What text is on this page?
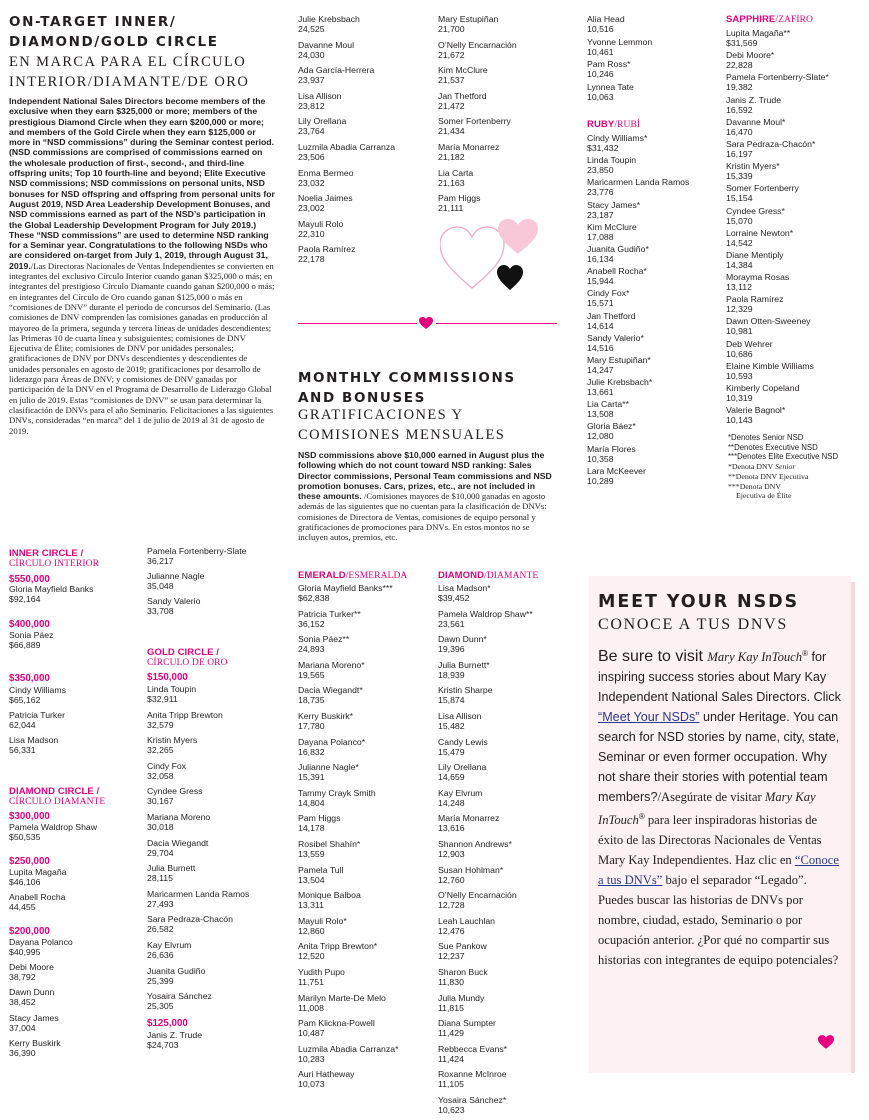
ON-TARGET INNER/
DIAMOND/GOLD CIRCLE
EN MARCA PARA EL CÍRCULO
INTERIOR/DIAMANTE/DE ORO
Independent National Sales Directors become members of the exclusive when they earn $325,000 or more; members of the prestigious Diamond Circle when they earn $200,000 or more; and members of the Gold Circle when they earn $125,000 or more in “NSD commissions” during the Seminar contest period. (NSD commissions are comprised of commissions earned on the wholesale production of first-, second-, and third-line offspring units; Top 10 fourth-line and beyond; Elite Executive NSD commissions; NSD commissions on personal units, NSD bonuses for NSD offspring and offspring from personal units for August 2019, NSD Area Leadership Development Bonuses, and NSD commissions earned as part of the NSD’s participation in the Global Leadership Development Program for July 2019.) These “NSD commissions” are used to determine NSD ranking for a Seminar year. Congratulations to the following NSDs who are considered on-target from July 1, 2019, through August 31, 2019./Las Directoras Nacionales de Ventas Independientes se convierten en integrantes del exclusivo Círculo Interior cuando ganan $325,000 o más; en integrantes del prestigioso Círculo Diamante cuando ganan $200,000 o más; en integrantes del Círculo de Oro cuando ganan $125,000 o más en “comisiones de DNV” durante el periodo de concursos del Seminario. (Las comisiones de DNV comprenden las comisiones ganadas en producción al mayoreo de la primera, segunda y tercera líneas de unidades descendientes; las Primeras 10 de cuarta línea y subsiguientes; comisiones de DNV Ejecutiva de Élite; comisiones de DNV por unidades personales; gratificaciones de DNV por DNVs descendientes y descendientes de unidades personales en agosto de 2019; gratificaciones por desarrollo de liderazgo para Áreas de DNV; y comisiones de DNV ganadas por participación de la DNV en el Programa de Desarrollo de Liderazgo Global en julio de 2019. Estas “comisiones de DNV” se usan para determinar la clasificación de DNVs para el año Seminario. Felicitaciones a las siguientes DNVs, consideradas “en marca” del 1 de julio de 2019 al 31 de agosto de 2019.
INNER CIRCLE /
CÍRCULO INTERIOR
$550,000
Gloria Mayfield Banks
$92,164
$400,000
Sonia Páez
$66,889
$350,000
Cindy Williams
$65,162
Patricia Turker
62,044
Lisa Madson
56,331
DIAMOND CIRCLE /
CÍRCULO DIAMANTE
$300,000
Pamela Waldrop Shaw
$50,535
$250,000
Lupita Magaña
$46,106
Anabell Rocha
44,455
$200,000
Dayana Polanco
$40,995
Debi Moore
38,792
Dawn Dunn
38,452
Stacy James
37,004
Kerry Buskirk
36,390
Pamela Fortenberry-Slate
36,217
Julianne Nagle
35,048
Sandy Valerio
33,708
GOLD CIRCLE /
CÍRCULO DE ORO
$150,000
Linda Toupin
$32,911
Anita Tripp Brewton
32,579
Kristin Myers
32,265
Cindy Fox
32,058
Cyndee Gress
30,167
Mariana Moreno
30,018
Dacia Wiegandt
29,704
Julia Burnett
28,115
Maricarmen Landa Ramos
27,493
Sara Pedraza-Chacón
26,582
Kay Elvrum
26,636
Juanita Gudiño
25,399
Yosaira Sánchez
25,305
$125,000
Janis Z. Trude
$24,703
Julie Krebsbach
24,525
Davanne Moul
24,030
Ada García-Herrera
23,937
Lisa Allison
23,812
Lily Orellana
23,764
Luzmila Abadia Carranza
23,506
Enma Bermeo
23,032
Noelia Jaimes
23,002
Mayuli Rolo
22,310
Paola Ramírez
22,178
Mary Estupiñan
21,700
O’Nelly Encarnación
21,672
Kim McClure
21,537
Jan Thetford
21,472
Somer Fortenberry
21,434
María Monarrez
21,182
Lia Carta
21,163
Pam Higgs
21,111
MONTHLY COMMISSIONS
AND BONUSES
GRATIFICACIONES Y
COMISIONES MENSUALES
NSD commissions above $10,000 earned in August plus the following which do not count toward NSD ranking: Sales Director commissions, Personal Team commissions and NSD promotion bonuses. Cars, prizes, etc., are not included in these amounts. /Comisiones mayores de $10,000 ganadas en agosto además de las siguientes que no cuentan para la clasificación de DNVs: comisiones de Directora de Ventas, comisiones de equipo personal y gratificaciones de promociones para DNVs. En estos montos no se incluyen autos, premios, etc.
EMERALD/ESMERALDA
Gloria Mayfield Banks***
$62,838
Patricia Turker**
36,152
Sonia Páez**
24,893
Mariana Moreno*
19,565
Dacia Wiegandt*
18,735
Kerry Buskirk*
17,780
Dayana Polanco*
16,832
Julianne Nagle*
15,391
Tammy Crayk Smith
14,804
Pam Higgs
14,178
Rosibel Shahín*
13,559
Pamela Tull
13,504
Monique Balboa
13,311
Mayuli Rolo*
12,860
Anita Tripp Brewton*
12,520
Yudith Pupo
11,751
Marilyn Marte-De Melo
11,008
Pam Klickna-Powell
10,487
Luzmila Abadia Carranza*
10,283
Auri Hatheway
10,073
DIAMOND/DIAMANTE
Lisa Madson*
$39,452
Pamela Waldrop Shaw**
23,561
Dawn Dunn*
19,396
Julia Burnett*
18,939
Kristin Sharpe
15,874
Lisa Allison
15,482
Candy Lewis
15,479
Lily Orellana
14,659
Kay Elvrum
14,248
María Monarrez
13,616
Shannon Andrews*
12,903
Susan Hohlman*
12,760
O’Nelly Encarnación
12,728
Leah Lauchlan
12,476
Sue Pankow
12,237
Sharon Buck
11,830
Julia Mundy
11,815
Diana Sumpter
11,429
Rebbecca Evans*
11,424
Roxanne McInroe
11,105
Yosaira Sánchez*
10,623
Alia Head
10,516
Yvonne Lemmon
10,461
Pam Ross*
10,246
Lynnea Tate
10,063
RUBY/RUBÍ
Cindy Williams*
$31,432
Linda Toupin
23,850
Maricarmen Landa Ramos
23,776
Stacy James*
23,187
Kim McClure
17,088
Juanita Gudiño*
16,134
Anabell Rocha*
15,944
Cindy Fox*
15,571
Jan Thetford
14,614
Sandy Valerio*
14,516
Mary Estupiñan*
14,247
Julie Krebsbach*
13,661
Lia Carta**
13,508
Gloria Báez*
12,080
María Flores
10,358
Lara McKeever
10,289
SAPPHIRE/ZAFIRO
Lupita Magaña**
$31,569
Debi Moore*
22,828
Pamela Fortenberry-Slate*
19,382
Janis Z. Trude
16,592
Davanne Moul*
16,470
Sara Pedraza-Chacón*
16,197
Kristin Myers*
15,339
Somer Fortenberry
15,154
Cyndee Gress*
15,070
Lorraine Newton*
14,542
Diane Mentiply
14,384
Morayma Rosas
13,112
Paola Ramírez
12,329
Dawn Otten-Sweeney
10,981
Deb Wehrer
10,686
Elaine Kimble Williams
10,593
Kimberly Copeland
10,319
Valerie Bagnol*
10,143
*Denotes Senior NSD
**Denotes Executive NSD
***Denotes Elite Executive NSD
*Denota DNV Senior
**Denota DNV Ejecutiva
***Denota DNV
Ejecutiva de Élite
MEET YOUR NSDS
CONOCE A TUS DNVS
Be sure to visit Mary Kay InTouch® for inspiring success stories about Mary Kay Independent National Sales Directors. Click “Meet Your NSDs” under Heritage. You can search for NSD stories by name, city, state, Seminar or even former occupation. Why not share their stories with potential team members?/Asegúrate de visitar Mary Kay InTouch® para leer inspiradoras historias de éxito de las Directoras Nacionales de Ventas Mary Kay Independientes. Haz clic en “Conoce a tus DNVs” bajo el separador “Legado”. Puedes buscar las historias de DNVs por nombre, ciudad, estado, Seminario o por ocupación anterior. ¿Por qué no compartir sus historias con integrantes de equipo potenciales?
